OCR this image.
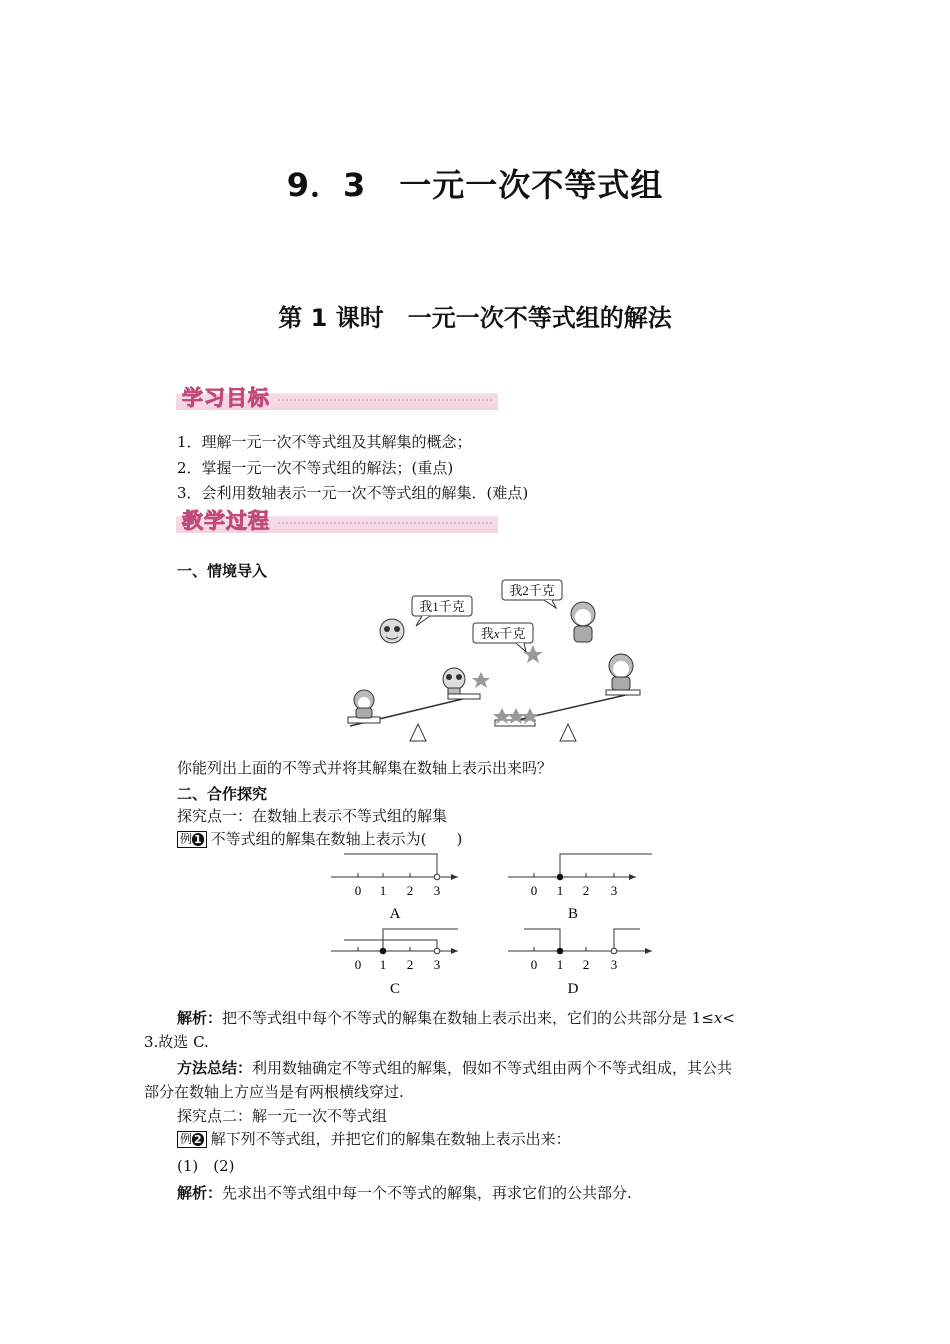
9．3　一元一次不等式组
第 1 课时　一元一次不等式组的解法
学习目标
1．理解一元一次不等式组及其解集的概念；
2．掌握一元一次不等式组的解法；(重点)
3．会利用数轴表示一元一次不等式组的解集．(难点)
教学过程
一、情境导入
我1千克
我2千克
我x千克
你能列出上面的不等式并将其解集在数轴上表示出来吗？
二、合作探究
探究点一：在数轴上表示不等式组的解集
例 1 不等式组的解集在数轴上表示为(　　)
0 1 2 3
A
0 1 2 3
B
0 1 2 3
C
0 1 2 3
D
解析：把不等式组中每个不等式的解集在数轴上表示出来，它们的公共部分是 1≤x<
3.故选 C.
方法总结：利用数轴确定不等式组的解集，假如不等式组由两个不等式组成，其公共
部分在数轴上方应当是有两根横线穿过.
探究点二：解一元一次不等式组
例 2 解下列不等式组，并把它们的解集在数轴上表示出来：
(1)　(2)
解析：先求出不等式组中每一个不等式的解集，再求它们的公共部分.
